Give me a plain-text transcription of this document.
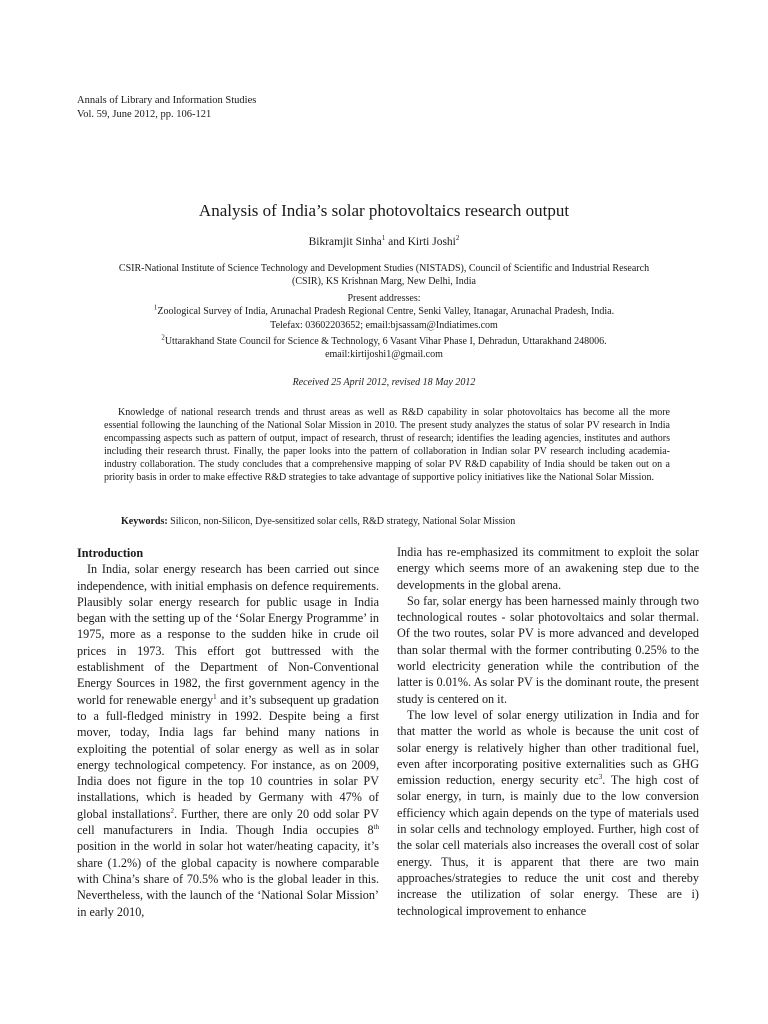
Annals of Library and Information Studies
Vol. 59, June 2012, pp. 106-121
Analysis of India’s solar photovoltaics research output
Bikramjit Sinha$^1$ and Kirti Joshi$^2$
CSIR-National Institute of Science Technology and Development Studies (NISTADS), Council of Scientific and Industrial Research
(CSIR), KS Krishnan Marg, New Delhi, India
Present addresses:
$^1$Zoological Survey of India, Arunachal Pradesh Regional Centre, Senki Valley, Itanagar, Arunachal Pradesh, India.
Telefax: 03602203652; email:bjsassam@Indiatimes.com
$^2$Uttarakhand State Council for Science & Technology, 6 Vasant Vihar Phase I, Dehradun, Uttarakhand 248006.
email:kirtijoshi1@gmail.com
Received 25 April 2012, revised 18 May 2012

Knowledge of national research trends and thrust areas as well as R&D capability in solar photovoltaics has become all the more essential following the launching of the National Solar Mission in 2010. The present study analyzes the status of solar PV research in India encompassing aspects such as pattern of output, impact of research, thrust of research; identifies the leading agencies, institutes and authors including their research thrust. Finally, the paper looks into the pattern of collaboration in Indian solar PV research including academia-industry collaboration. The study concludes that a comprehensive mapping of solar PV R&D capability of India should be taken out on a priority basis in order to make effective R&D strategies to take advantage of supportive policy initiatives like the National Solar Mission.

Keywords: Silicon, non-Silicon, Dye-sensitized solar cells, R&D strategy, National Solar Mission
Introduction

In India, solar energy research has been carried out since independence, with initial emphasis on defence requirements. Plausibly solar energy research for public usage in India began with the setting up of the ‘Solar Energy Programme’ in 1975, more as a response to the sudden hike in crude oil prices in 1973. This effort got buttressed with the establishment of the Department of Non-Conventional Energy Sources in 1982, the first government agency in the world for renewable energy$^1$ and it’s subsequent up gradation to a full-fledged ministry in 1992. Despite being a first mover, today, India lags far behind many nations in exploiting the potential of solar energy as well as in solar energy technological competency. For instance, as on 2009, India does not figure in the top 10 countries in solar PV installations, which is headed by Germany with 47% of global installations$^2$. Further, there are only 20 odd solar PV cell manufacturers in India. Though India occupies 8th position in the world in solar hot water/heating capacity, it’s share (1.2%) of the global capacity is nowhere comparable with China’s share of 70.5% who is the global leader in this. Nevertheless, with the launch of the ‘National Solar Mission’ in early 2010,

India has re-emphasized its commitment to exploit the solar energy which seems more of an awakening step due to the developments in the global arena.

So far, solar energy has been harnessed mainly through two technological routes - solar photovoltaics and solar thermal. Of the two routes, solar PV is more advanced and developed than solar thermal with the former contributing 0.25% to the world electricity generation while the contribution of the latter is 0.01%. As solar PV is the dominant route, the present study is centered on it.

The low level of solar energy utilization in India and for that matter the world as whole is because the unit cost of solar energy is relatively higher than other traditional fuel, even after incorporating positive externalities such as GHG emission reduction, energy security etc$^3$. The high cost of solar energy, in turn, is mainly due to the low conversion efficiency which again depends on the type of materials used in solar cells and technology employed. Further, high cost of the solar cell materials also increases the overall cost of solar energy. Thus, it is apparent that there are two main approaches/strategies to reduce the unit cost and thereby increase the utilization of solar energy. These are i) technological improvement to enhance
